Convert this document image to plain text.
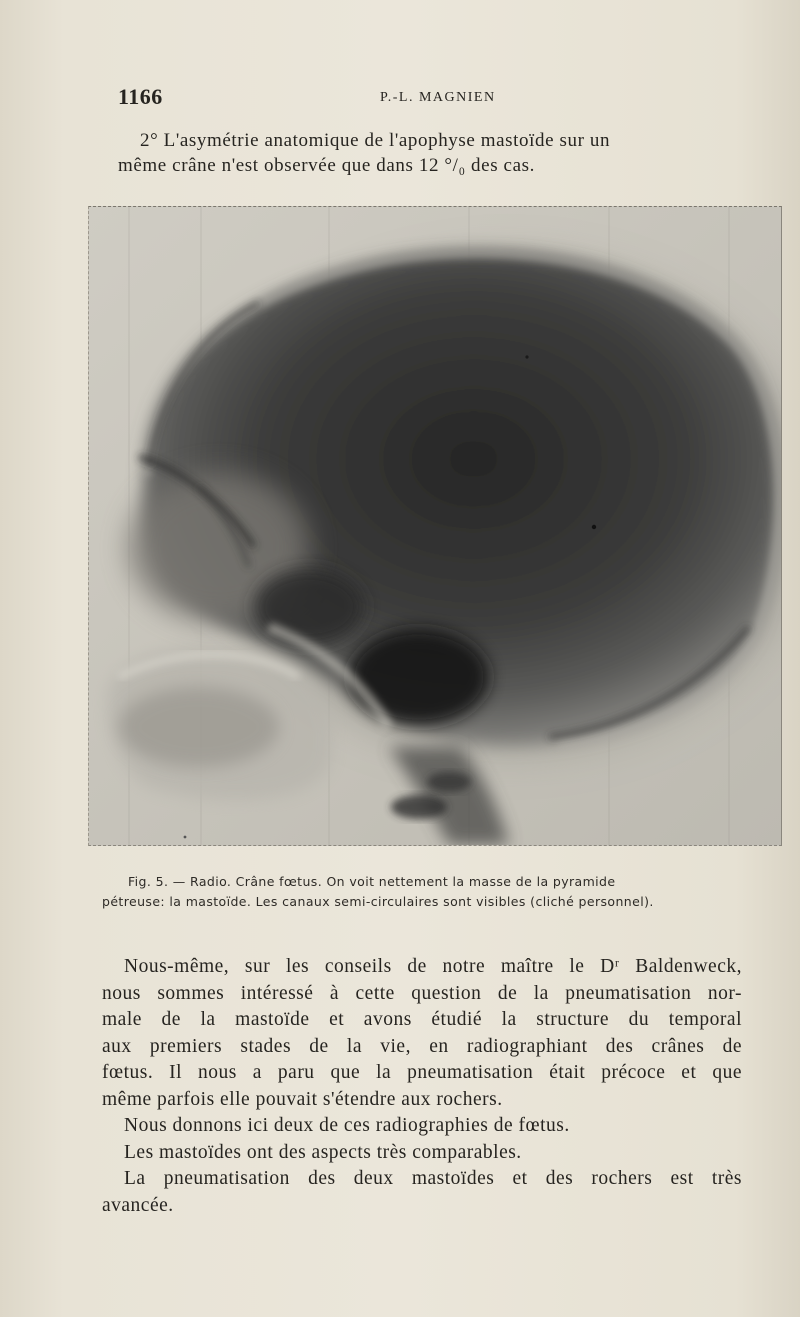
1166	P.-L. MAGNIEN

2° L'asymétrie anatomique de l'apophyse mastoïde sur un

même crâne n'est observée que dans 12 °/₀ des cas.

Fig. 5. — Radio. Crâne fœtus. On voit nettement la masse de la pyramide

pétreuse: la mastoïde. Les canaux semi-circulaires sont visibles (cliché personnel).

Nous-même, sur les conseils de notre maître le Dʳ Baldenweck,

nous sommes intéressé à cette question de la pneumatisation nor-

male de la mastoïde et avons étudié la structure du temporal

aux premiers stades de la vie, en radiographiant des crânes de

fœtus. Il nous a paru que la pneumatisation était précoce et que

même parfois elle pouvait s'étendre aux rochers.

Nous donnons ici deux de ces radiographies de fœtus.

Les mastoïdes ont des aspects très comparables.

La pneumatisation des deux mastoïdes et des rochers est très

avancée.
